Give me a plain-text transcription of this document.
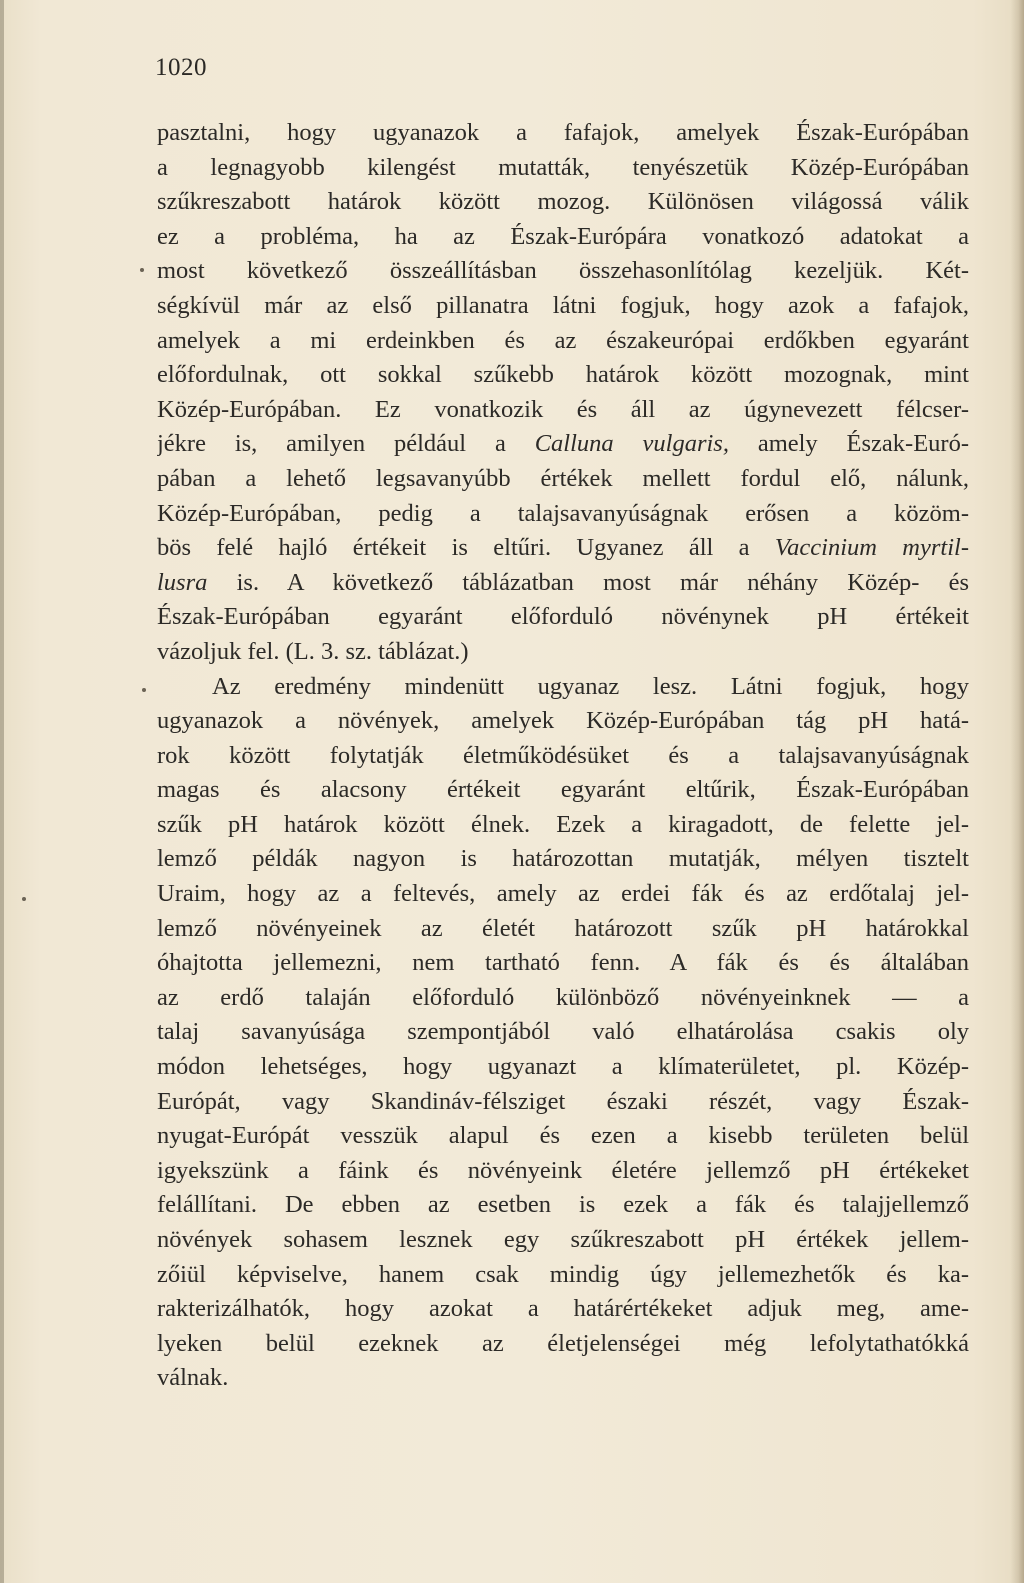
1020
pasztalni, hogy ugyanazok a fafajok, amelyek Észak-Európában
a legnagyobb kilengést mutatták, tenyészetük Közép-Európában
szűkreszabott határok között mozog. Különösen világossá válik
ez a probléma, ha az Észak-Európára vonatkozó adatokat a
most következő összeállításban összehasonlítólag kezeljük. Két-
ségkívül már az első pillanatra látni fogjuk, hogy azok a fafajok,
amelyek a mi erdeinkben és az északeurópai erdőkben egyaránt
előfordulnak, ott sokkal szűkebb határok között mozognak, mint
Közép-Európában. Ez vonatkozik és áll az úgynevezett félcser-
jékre is, amilyen például a Calluna vulgaris, amely Észak-Euró-
pában a lehető legsavanyúbb értékek mellett fordul elő, nálunk,
Közép-Európában, pedig a talajsavanyúságnak erősen a közöm-
bös felé hajló értékeit is eltűri. Ugyanez áll a Vaccinium myrtil-
lusra is. A következő táblázatban most már néhány Közép- és
Észak-Európában egyaránt előforduló növénynek pH értékeit
vázoljuk fel. (L. 3. sz. táblázat.)
Az eredmény mindenütt ugyanaz lesz. Látni fogjuk, hogy
ugyanazok a növények, amelyek Közép-Európában tág pH hatá-
rok között folytatják életműködésüket és a talajsavanyúságnak
magas és alacsony értékeit egyaránt eltűrik, Észak-Európában
szűk pH határok között élnek. Ezek a kiragadott, de felette jel-
lemző példák nagyon is határozottan mutatják, mélyen tisztelt
Uraim, hogy az a feltevés, amely az erdei fák és az erdőtalaj jel-
lemző növényeinek az életét határozott szűk pH határokkal
óhajtotta jellemezni, nem tartható fenn. A fák és és általában
az erdő talaján előforduló különböző növényeinknek — a
talaj savanyúsága szempontjából való elhatárolása csakis oly
módon lehetséges, hogy ugyanazt a klímaterületet, pl. Közép-
Európát, vagy Skandináv-félsziget északi részét, vagy Észak-
nyugat-Európát vesszük alapul és ezen a kisebb területen belül
igyekszünk a fáink és növényeink életére jellemző pH értékeket
felállítani. De ebben az esetben is ezek a fák és talajjellemző
növények sohasem lesznek egy szűkreszabott pH értékek jellem-
zőiül képviselve, hanem csak mindig úgy jellemezhetők és ka-
rakterizálhatók, hogy azokat a határértékeket adjuk meg, ame-
lyeken belül ezeknek az életjelenségei még lefolytathatókká
válnak.
